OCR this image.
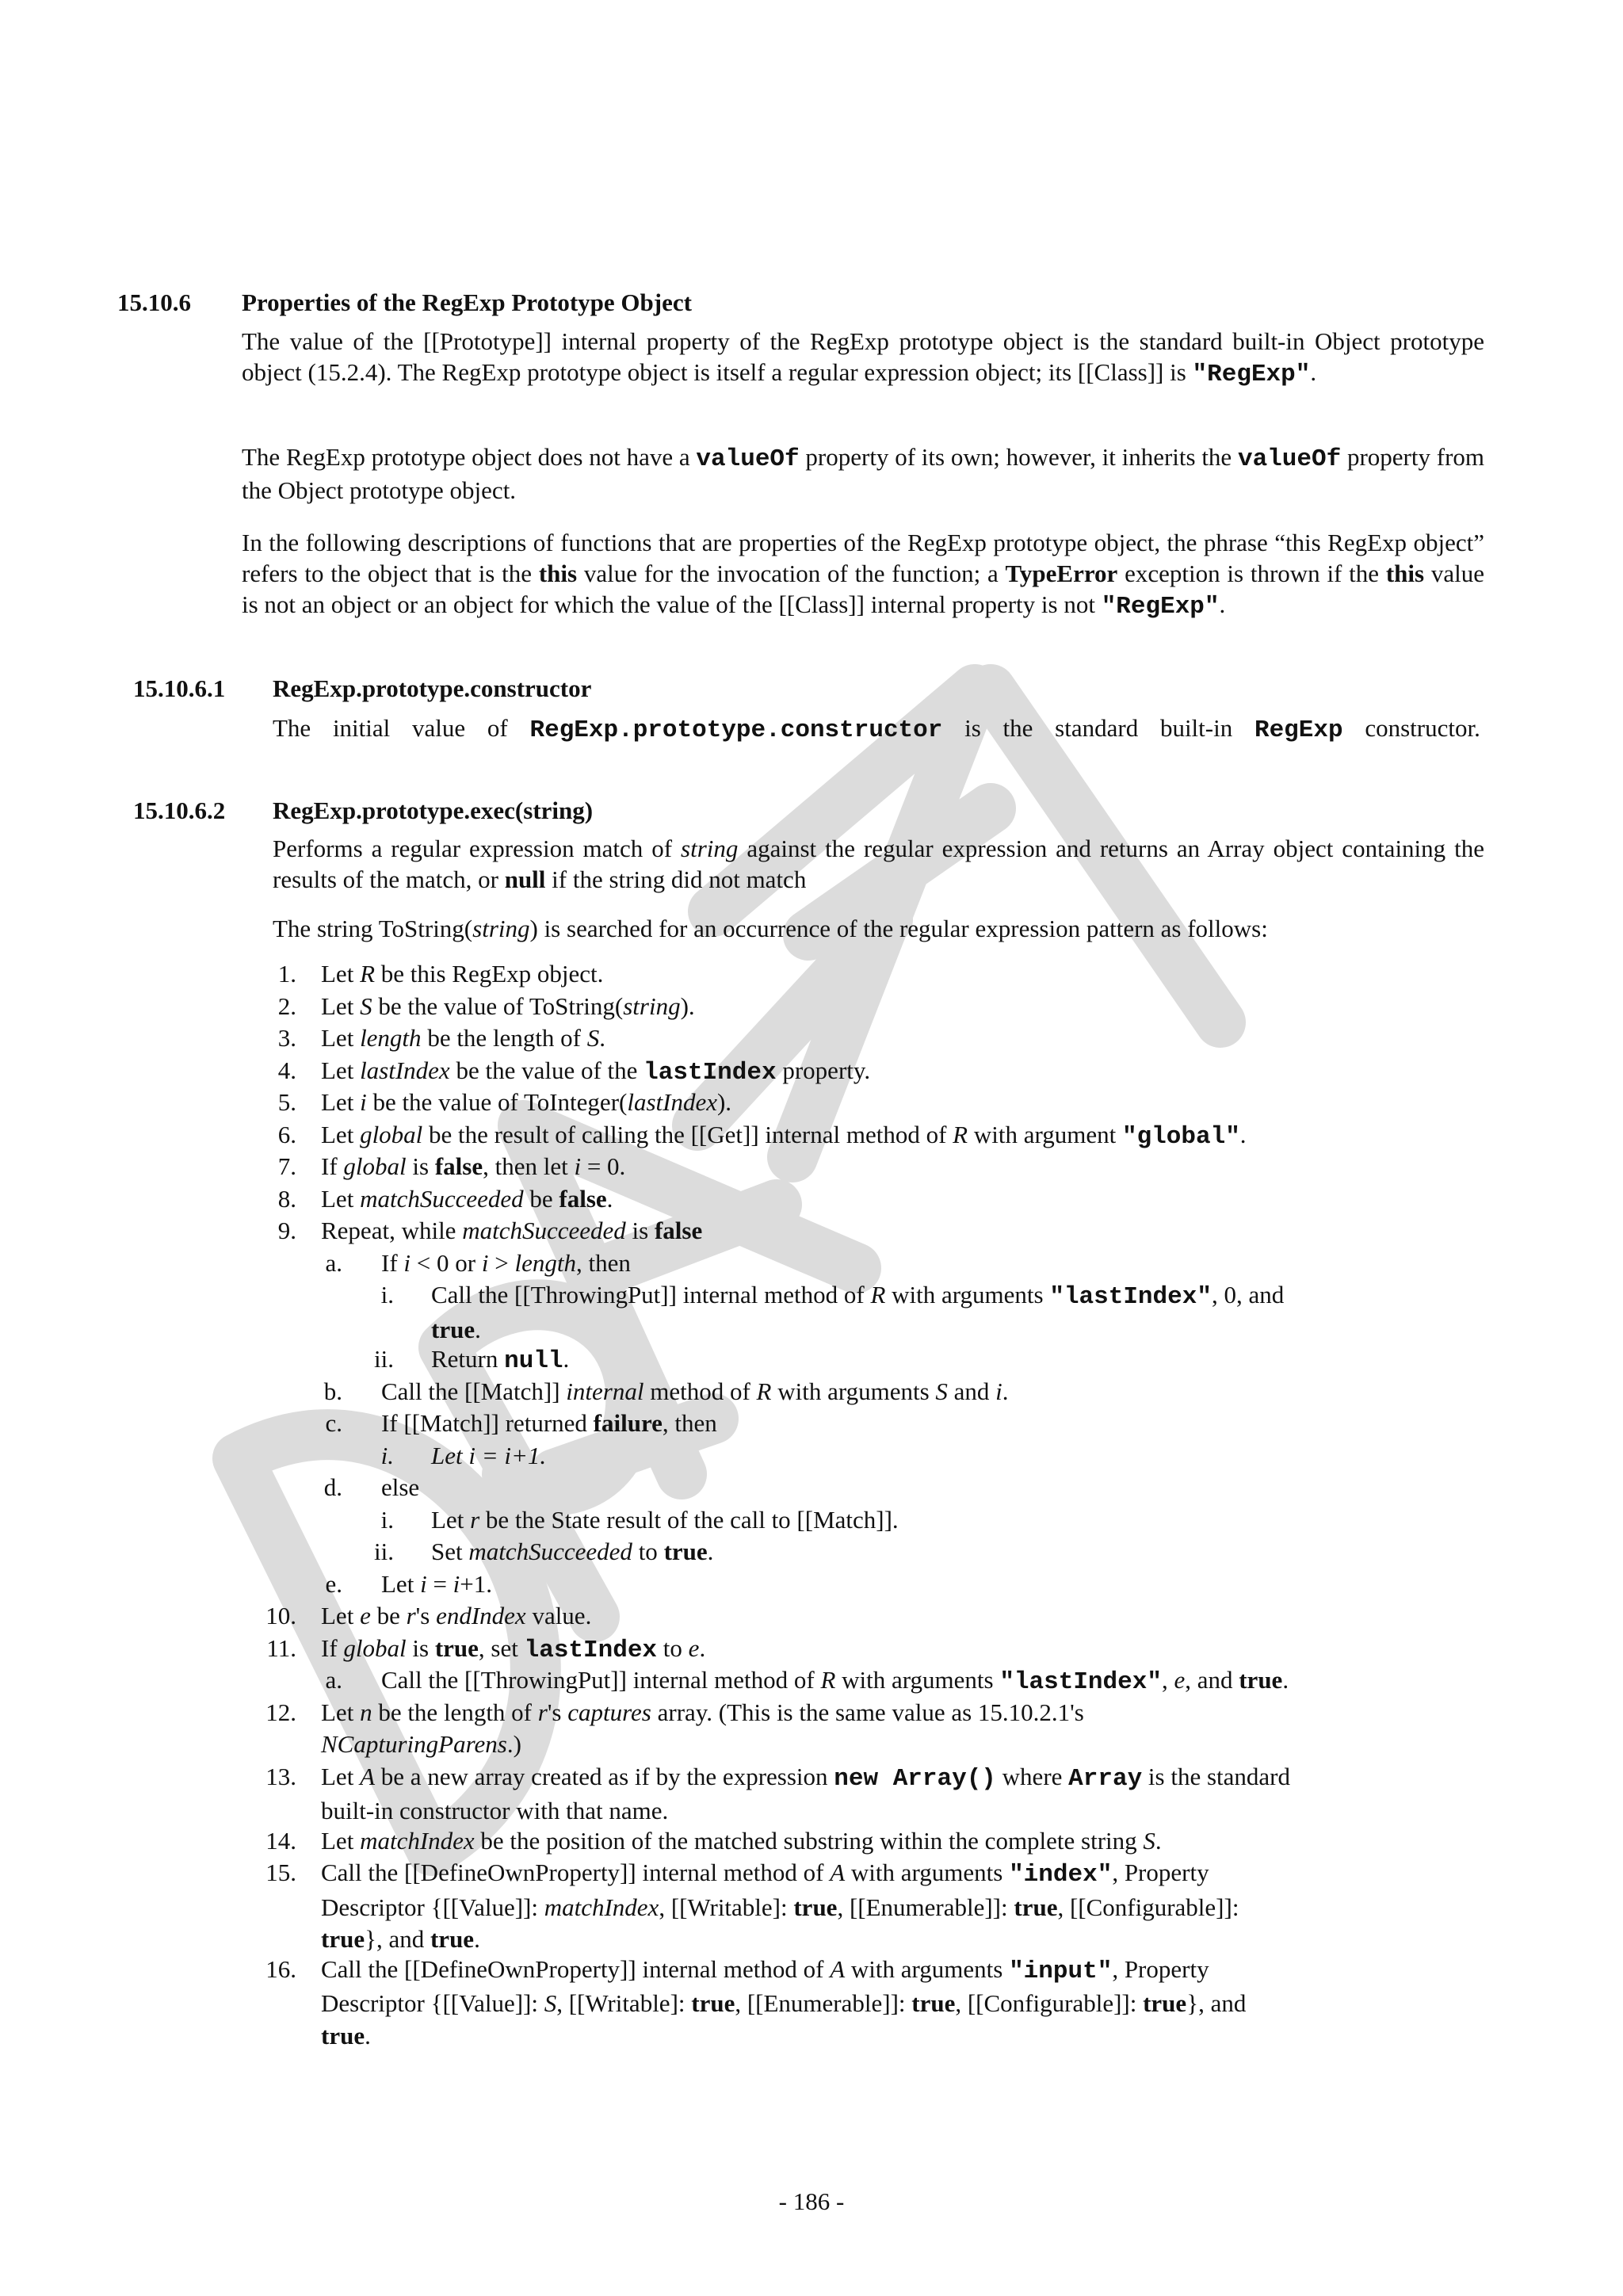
15.10.6 Properties of the RegExp Prototype Object

The value of the [[Prototype]] internal property of the RegExp prototype object is the standard built-in Object prototype object (15.2.4). The RegExp prototype object is itself a regular expression object; its [[Class]] is "RegExp".

The RegExp prototype object does not have a valueOf property of its own; however, it inherits the valueOf property from the Object prototype object.

In the following descriptions of functions that are properties of the RegExp prototype object, the phrase “this RegExp object” refers to the object that is the this value for the invocation of the function; a TypeError exception is thrown if the this value is not an object or an object for which the value of the [[Class]] internal property is not "RegExp".

15.10.6.1 RegExp.prototype.constructor

The initial value of RegExp.prototype.constructor is the standard built-in RegExp constructor.

15.10.6.2 RegExp.prototype.exec(string)

Performs a regular expression match of string against the regular expression and returns an Array object containing the results of the match, or null if the string did not match

The string ToString(string) is searched for an occurrence of the regular expression pattern as follows:

1. Let R be this RegExp object.
2. Let S be the value of ToString(string).
3. Let length be the length of S.
4. Let lastIndex be the value of the lastIndex property.
5. Let i be the value of ToInteger(lastIndex).
6. Let global be the result of calling the [[Get]] internal method of R with argument "global".
7. If global is false, then let i = 0.
8. Let matchSucceeded be false.
9. Repeat, while matchSucceeded is false
a. If i < 0 or i > length, then
i. Call the [[ThrowingPut]] internal method of R with arguments "lastIndex", 0, and
true.
ii. Return null.
b. Call the [[Match]] internal method of R with arguments S and i.
c. If [[Match]] returned failure, then
i. Let i = i+1.
d. else
i. Let r be the State result of the call to [[Match]].
ii. Set matchSucceeded to true.
e. Let i = i+1.
10. Let e be r's endIndex value.
11. If global is true, set lastIndex to e.
a. Call the [[ThrowingPut]] internal method of R with arguments "lastIndex", e, and true.
12. Let n be the length of r's captures array. (This is the same value as 15.10.2.1's
NCapturingParens.)
13. Let A be a new array created as if by the expression new Array() where Array is the standard
built-in constructor with that name.
14. Let matchIndex be the position of the matched substring within the complete string S.
15. Call the [[DefineOwnProperty]] internal method of A with arguments "index", Property
Descriptor {[[Value]]: matchIndex, [[Writable]: true, [[Enumerable]]: true, [[Configurable]]:
true}, and true.
16. Call the [[DefineOwnProperty]] internal method of A with arguments "input", Property
Descriptor {[[Value]]: S, [[Writable]: true, [[Enumerable]]: true, [[Configurable]]: true}, and
true.
- 186 -
